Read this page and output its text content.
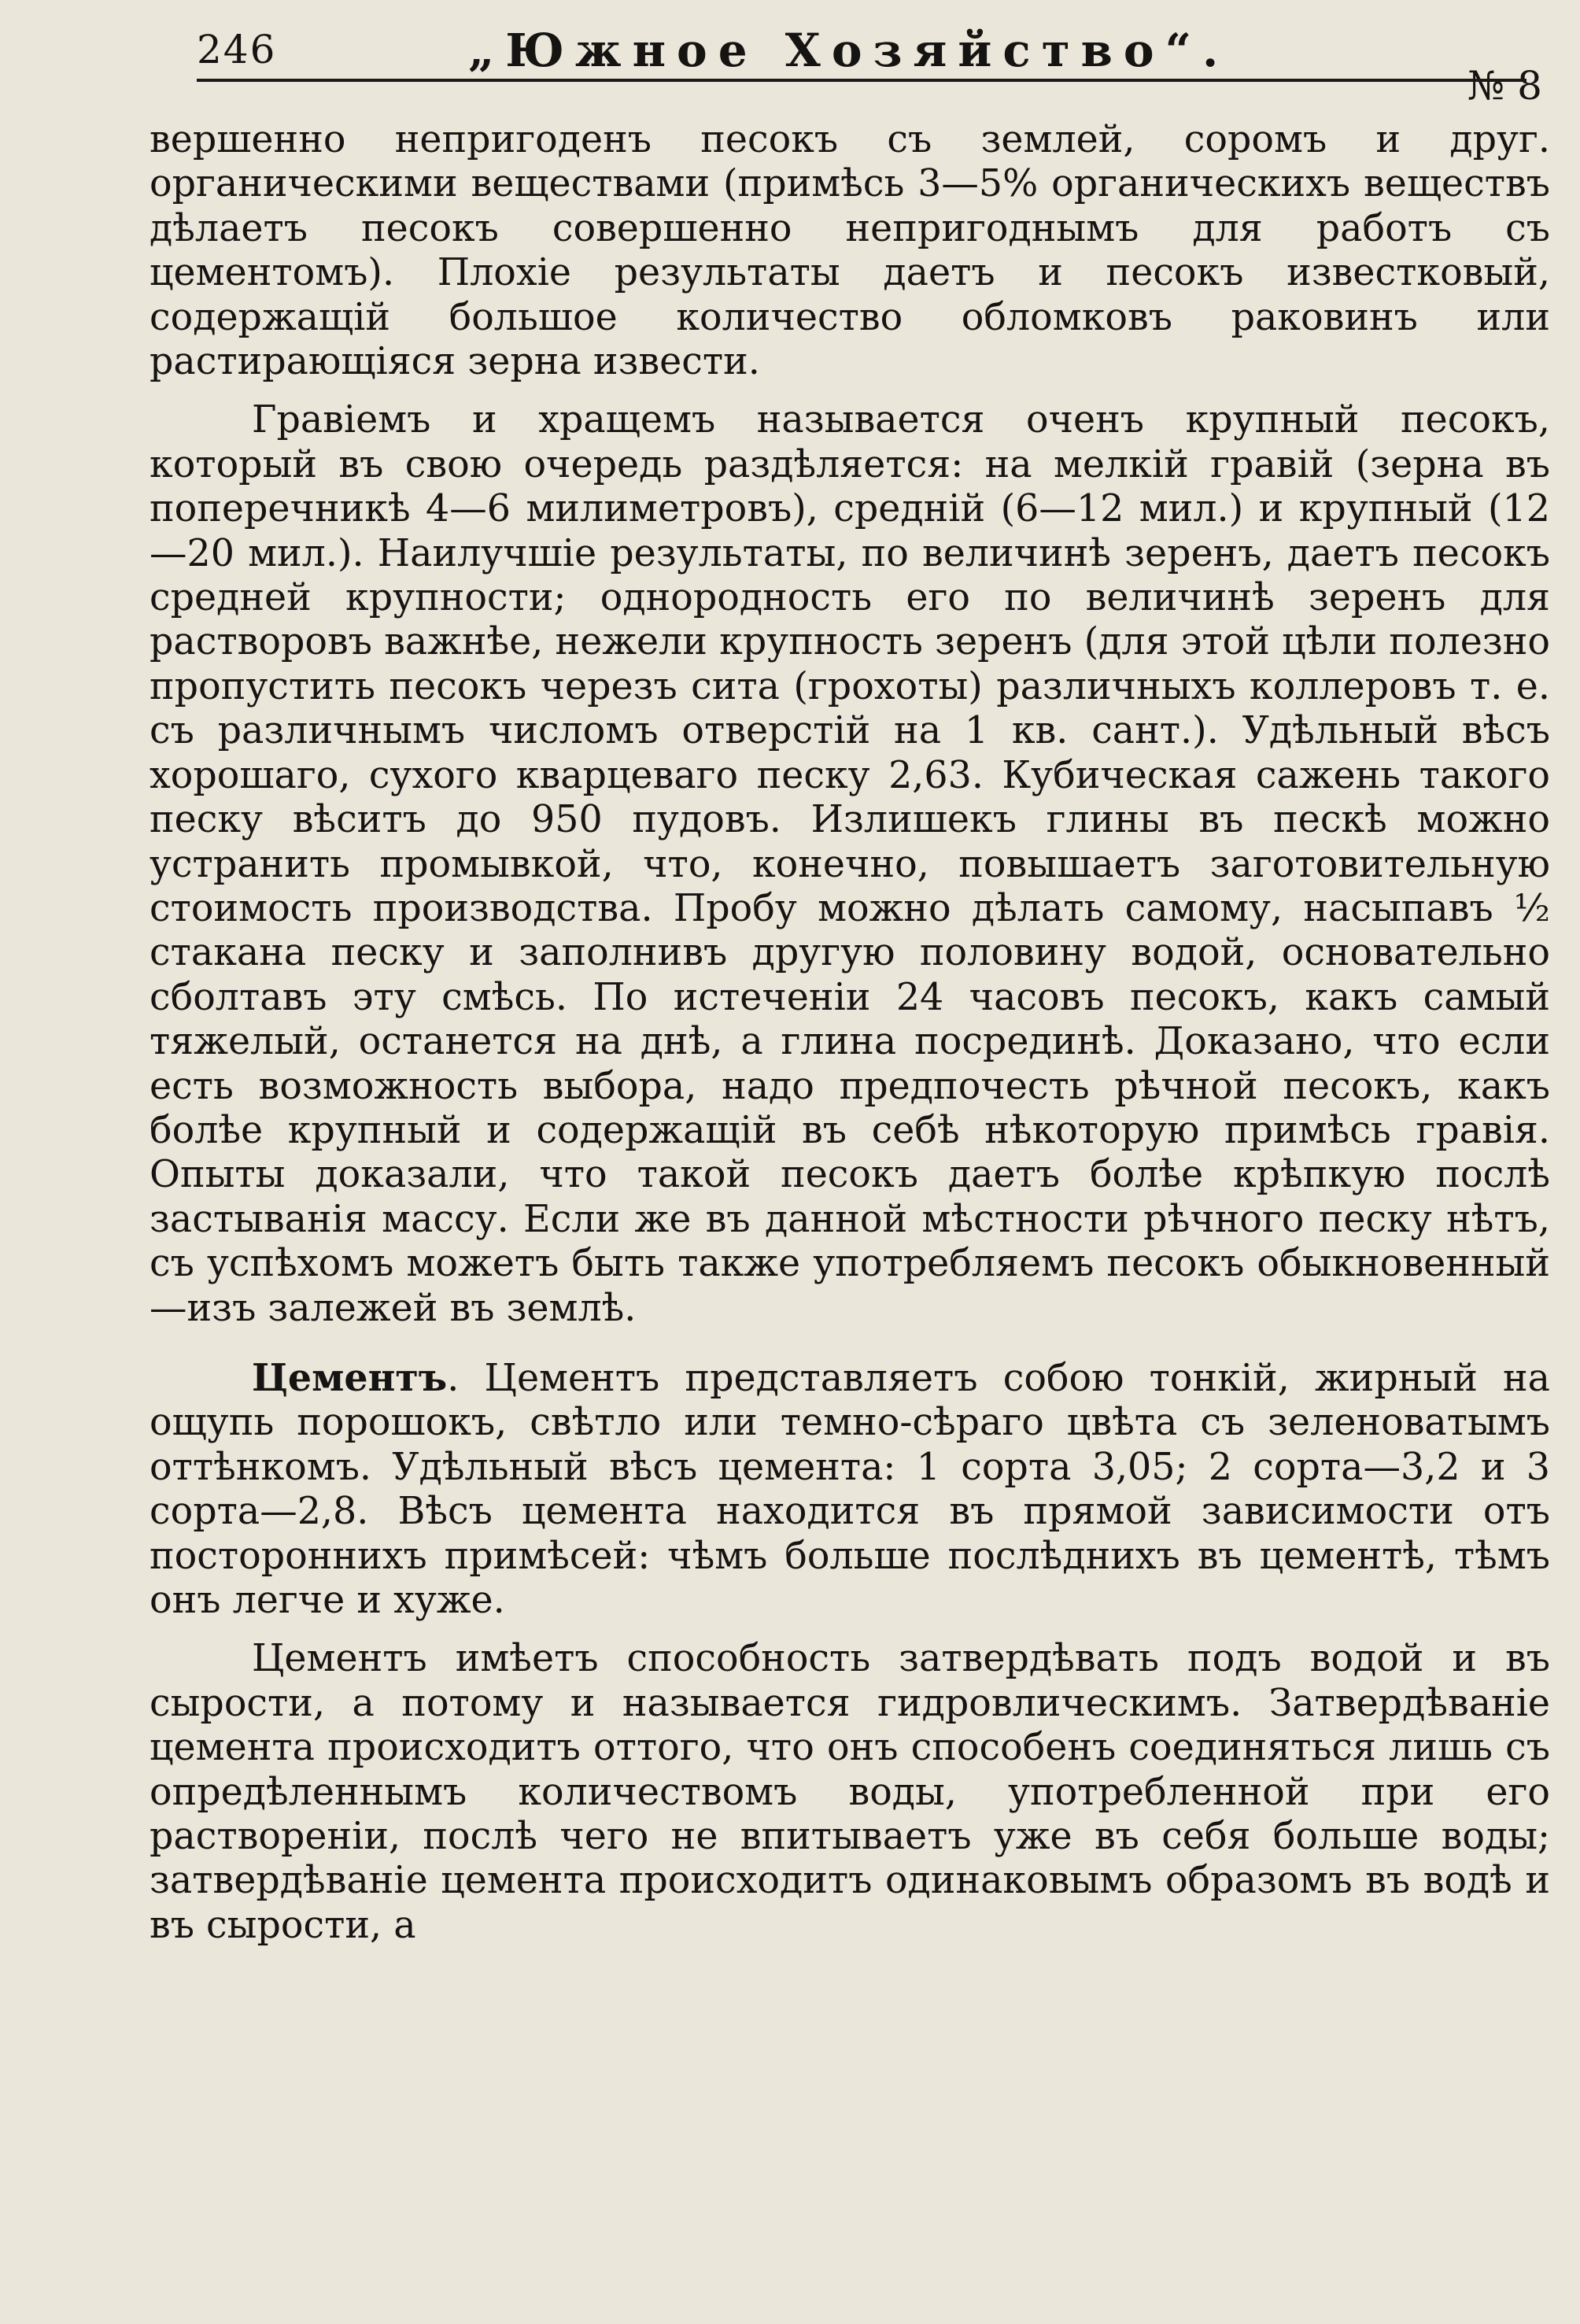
246	„Южное Хозяйство“.
№ 8

вершенно непригоденъ песокъ съ землей, соромъ и друг. органическими веществами (примѣсь 3—5% органическихъ веществъ дѣлаетъ песокъ совершенно непригоднымъ для работъ съ цементомъ). Плохіе результаты даетъ и песокъ известковый, содержащій большое количество обломковъ раковинъ или растирающіяся зерна извести.

Гравіемъ и хращемъ называется оченъ крупный песокъ, который въ свою очередь раздѣляется: на мелкій гравій (зерна въ поперечникѣ 4—6 милиметровъ), среднiй (6—12 мил.) и крупный (12—20 мил.). Наилучшіе результаты, по величинѣ зеренъ, даетъ песокъ средней крупности; однородность его по величинѣ зеренъ для растворовъ важнѣе, нежели крупность зеренъ (для этой цѣли полезно пропустить песокъ черезъ сита (грохоты) различныхъ коллеровъ т. е. съ различнымъ числомъ отверстій на 1 кв. сант.). Удѣльный вѣсъ хорошаго, сухого кварцеваго песку 2,63. Кубическая сажень такого песку вѣситъ до 950 пудовъ. Излишекъ глины въ пескѣ можно устранить промывкой, что, конечно, повышаетъ заготовительную стоимость производства. Пробу можно дѣлать самому, насыпавъ ½ стакана песку и заполнивъ другую половину водой, основательно сболтавъ эту смѣсь. По истеченіи 24 часовъ песокъ, какъ самый тяжелый, останется на днѣ, а глина посрединѣ. Доказано, что если есть возможность выбора, надо предпочесть рѣчной песокъ, какъ болѣе крупный и содержащій въ себѣ нѣкоторую примѣсь гравія. Опыты доказали, что такой песокъ даетъ болѣе крѣпкую послѣ застыванія массу. Если же въ данной мѣстности рѣчного песку нѣтъ, съ успѣхомъ можетъ быть также употребляемъ песокъ обыкновенный—изъ залежей въ землѣ.

Цементъ. Цементъ представляетъ собою тонкій, жирный на ощупь порошокъ, свѣтло или темно-сѣраго цвѣта съ зеленоватымъ оттѣнкомъ. Удѣльный вѣсъ цемента: 1 сорта 3,05; 2 сорта—3,2 и 3 сорта—2,8. Вѣсъ цемента находится въ прямой зависимости отъ постороннихъ примѣсей: чѣмъ больше послѣднихъ въ цементѣ, тѣмъ онъ легче и хуже.

Цементъ имѣетъ способность затвердѣвать подъ водой и въ сырости, а потому и называется гидровлическимъ. Затвердѣваніе цемента происходитъ оттого, что онъ способенъ соединяться лишь съ опредѣленнымъ количествомъ воды, употребленной при его раствореніи, послѣ чего не впитываетъ уже въ себя больше воды; затвердѣваніе цемента происходитъ одинаковымъ образомъ въ водѣ и въ сырости, а
